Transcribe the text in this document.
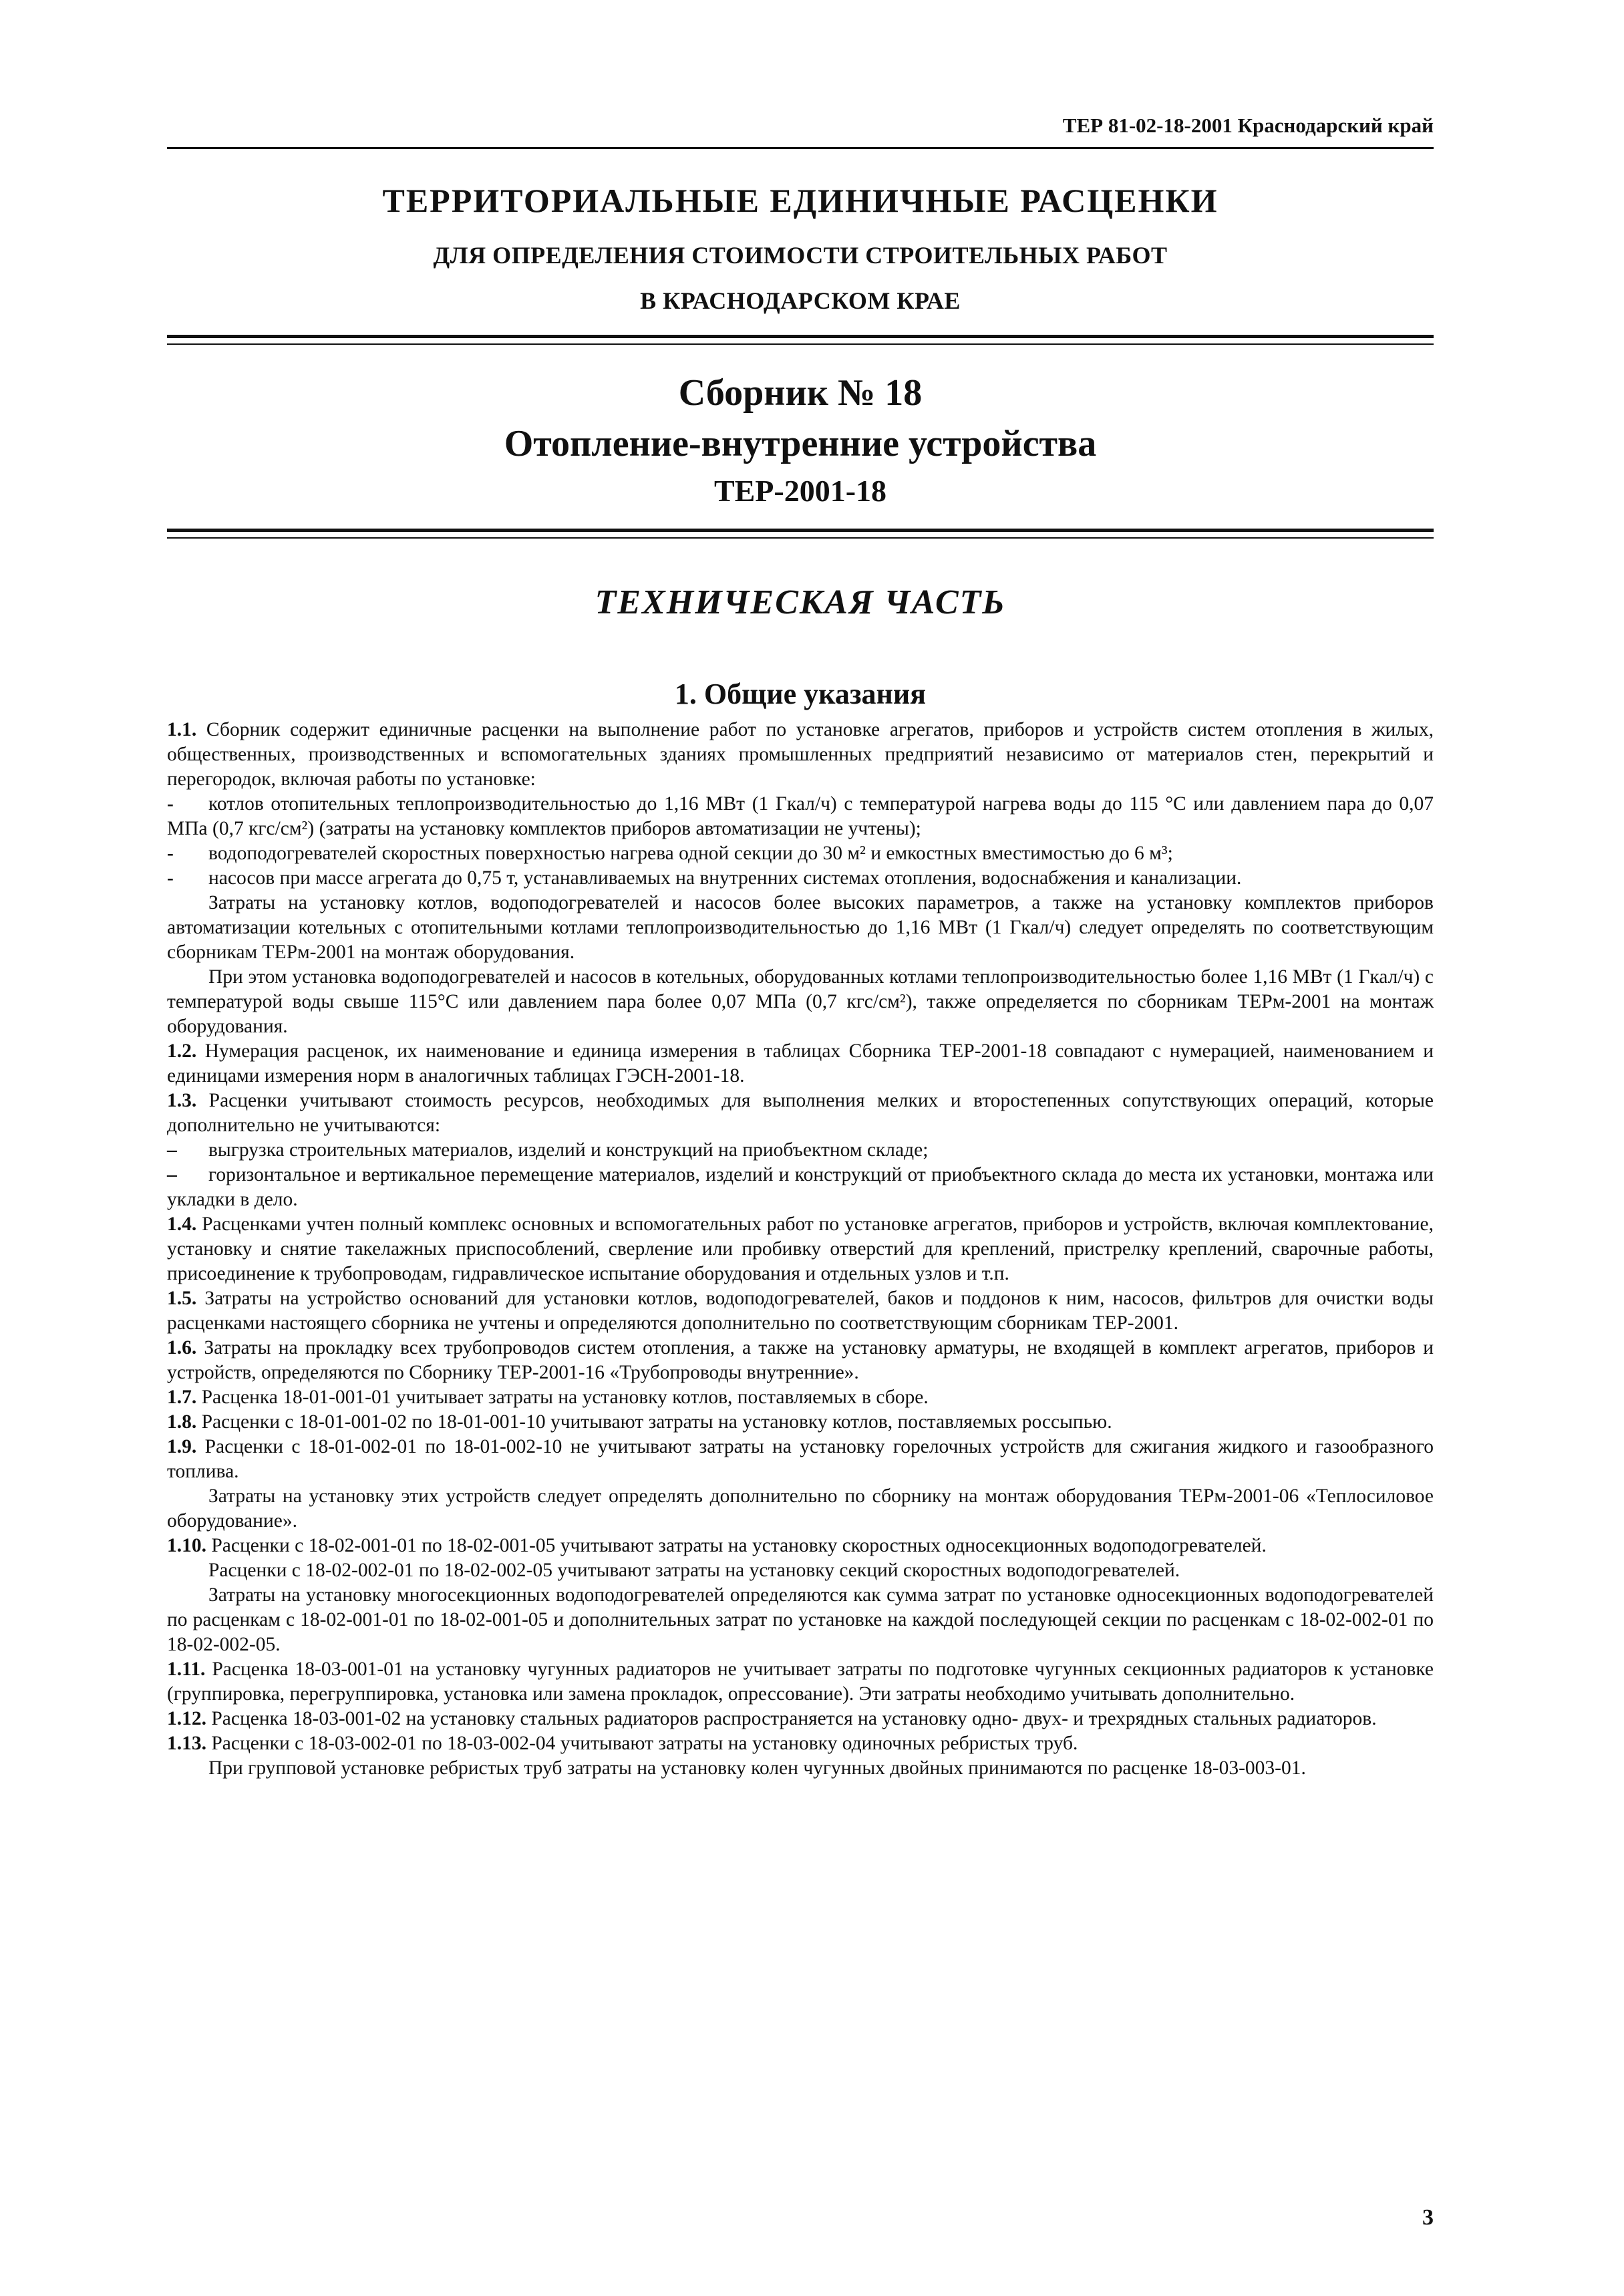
ТЕР 81-02-18-2001 Краснодарский край
ТЕРРИТОРИАЛЬНЫЕ ЕДИНИЧНЫЕ РАСЦЕНКИ
ДЛЯ ОПРЕДЕЛЕНИЯ СТОИМОСТИ СТРОИТЕЛЬНЫХ РАБОТ
В КРАСНОДАРСКОМ КРАЕ
Сборник № 18
Отопление-внутренние устройства
ТЕР-2001-18
ТЕХНИЧЕСКАЯ ЧАСТЬ
1. Общие указания

1.1. Сборник содержит единичные расценки на выполнение работ по установке агрегатов, приборов и устройств систем отопления в жилых, общественных, производственных и вспомогательных зданиях промышленных предприятий независимо от материалов стен, перекрытий и перегородок, включая работы по установке:

- котлов отопительных теплопроизводительностью до 1,16 МВт (1 Гкал/ч) с температурой нагрева воды до 115 °С или давлением пара до 0,07 МПа (0,7 кгс/см²) (затраты на установку комплектов приборов автоматизации не учтены);

- водоподогревателей скоростных поверхностью нагрева одной секции до 30 м² и емкостных вместимостью до 6 м³;

- насосов при массе агрегата до 0,75 т, устанавливаемых на внутренних системах отопления, водоснабжения и канализации.

Затраты на установку котлов, водоподогревателей и насосов более высоких параметров, а также на установку комплектов приборов автоматизации котельных с отопительными котлами теплопроизводительностью до 1,16 МВт (1 Гкал/ч) следует определять по соответствующим сборникам ТЕРм-2001 на монтаж оборудования.

При этом установка водоподогревателей и насосов в котельных, оборудованных котлами теплопроизводительностью более 1,16 МВт (1 Гкал/ч) с температурой воды свыше 115°С или давлением пара более 0,07 МПа (0,7 кгс/см²), также определяется по сборникам ТЕРм-2001 на монтаж оборудования.

1.2. Нумерация расценок, их наименование и единица измерения в таблицах Сборника ТЕР-2001-18 совпадают с нумерацией, наименованием и единицами измерения норм в аналогичных таблицах ГЭСН-2001-18.

1.3. Расценки учитывают стоимость ресурсов, необходимых для выполнения мелких и второстепенных сопутствующих операций, которые дополнительно не учитываются:

– выгрузка строительных материалов, изделий и конструкций на приобъектном складе;

– горизонтальное и вертикальное перемещение материалов, изделий и конструкций от приобъектного склада до места их установки, монтажа или укладки в дело.

1.4. Расценками учтен полный комплекс основных и вспомогательных работ по установке агрегатов, приборов и устройств, включая комплектование, установку и снятие такелажных приспособлений, сверление или пробивку отверстий для креплений, пристрелку креплений, сварочные работы, присоединение к трубопроводам, гидравлическое испытание оборудования и отдельных узлов и т.п.

1.5. Затраты на устройство оснований для установки котлов, водоподогревателей, баков и поддонов к ним, насосов, фильтров для очистки воды расценками настоящего сборника не учтены и определяются дополнительно по соответствующим сборникам ТЕР-2001.

1.6. Затраты на прокладку всех трубопроводов систем отопления, а также на установку арматуры, не входящей в комплект агрегатов, приборов и устройств, определяются по Сборнику ТЕР-2001-16 «Трубопроводы внутренние».

1.7. Расценка 18-01-001-01 учитывает затраты на установку котлов, поставляемых в сборе.

1.8. Расценки с 18-01-001-02 по 18-01-001-10 учитывают затраты на установку котлов, поставляемых россыпью.

1.9. Расценки с 18-01-002-01 по 18-01-002-10 не учитывают затраты на установку горелочных устройств для сжигания жидкого и газообразного топлива.

Затраты на установку этих устройств следует определять дополнительно по сборнику на монтаж оборудования ТЕРм-2001-06 «Теплосиловое оборудование».

1.10. Расценки с 18-02-001-01 по 18-02-001-05 учитывают затраты на установку скоростных односекционных водоподогревателей.

Расценки с 18-02-002-01 по 18-02-002-05 учитывают затраты на установку секций скоростных водоподогревателей.

Затраты на установку многосекционных водоподогревателей определяются как сумма затрат по установке односекционных водоподогревателей по расценкам с 18-02-001-01 по 18-02-001-05 и дополнительных затрат по установке на каждой последующей секции по расценкам с 18-02-002-01 по 18-02-002-05.

1.11. Расценка 18-03-001-01 на установку чугунных радиаторов не учитывает затраты по подготовке чугунных секционных радиаторов к установке (группировка, перегруппировка, установка или замена прокладок, опрессование). Эти затраты необходимо учитывать дополнительно.

1.12. Расценка 18-03-001-02 на установку стальных радиаторов распространяется на установку одно- двух- и трехрядных стальных радиаторов.

1.13. Расценки с 18-03-002-01 по 18-03-002-04 учитывают затраты на установку одиночных ребристых труб.

При групповой установке ребристых труб затраты на установку колен чугунных двойных принимаются по расценке 18-03-003-01.

3
